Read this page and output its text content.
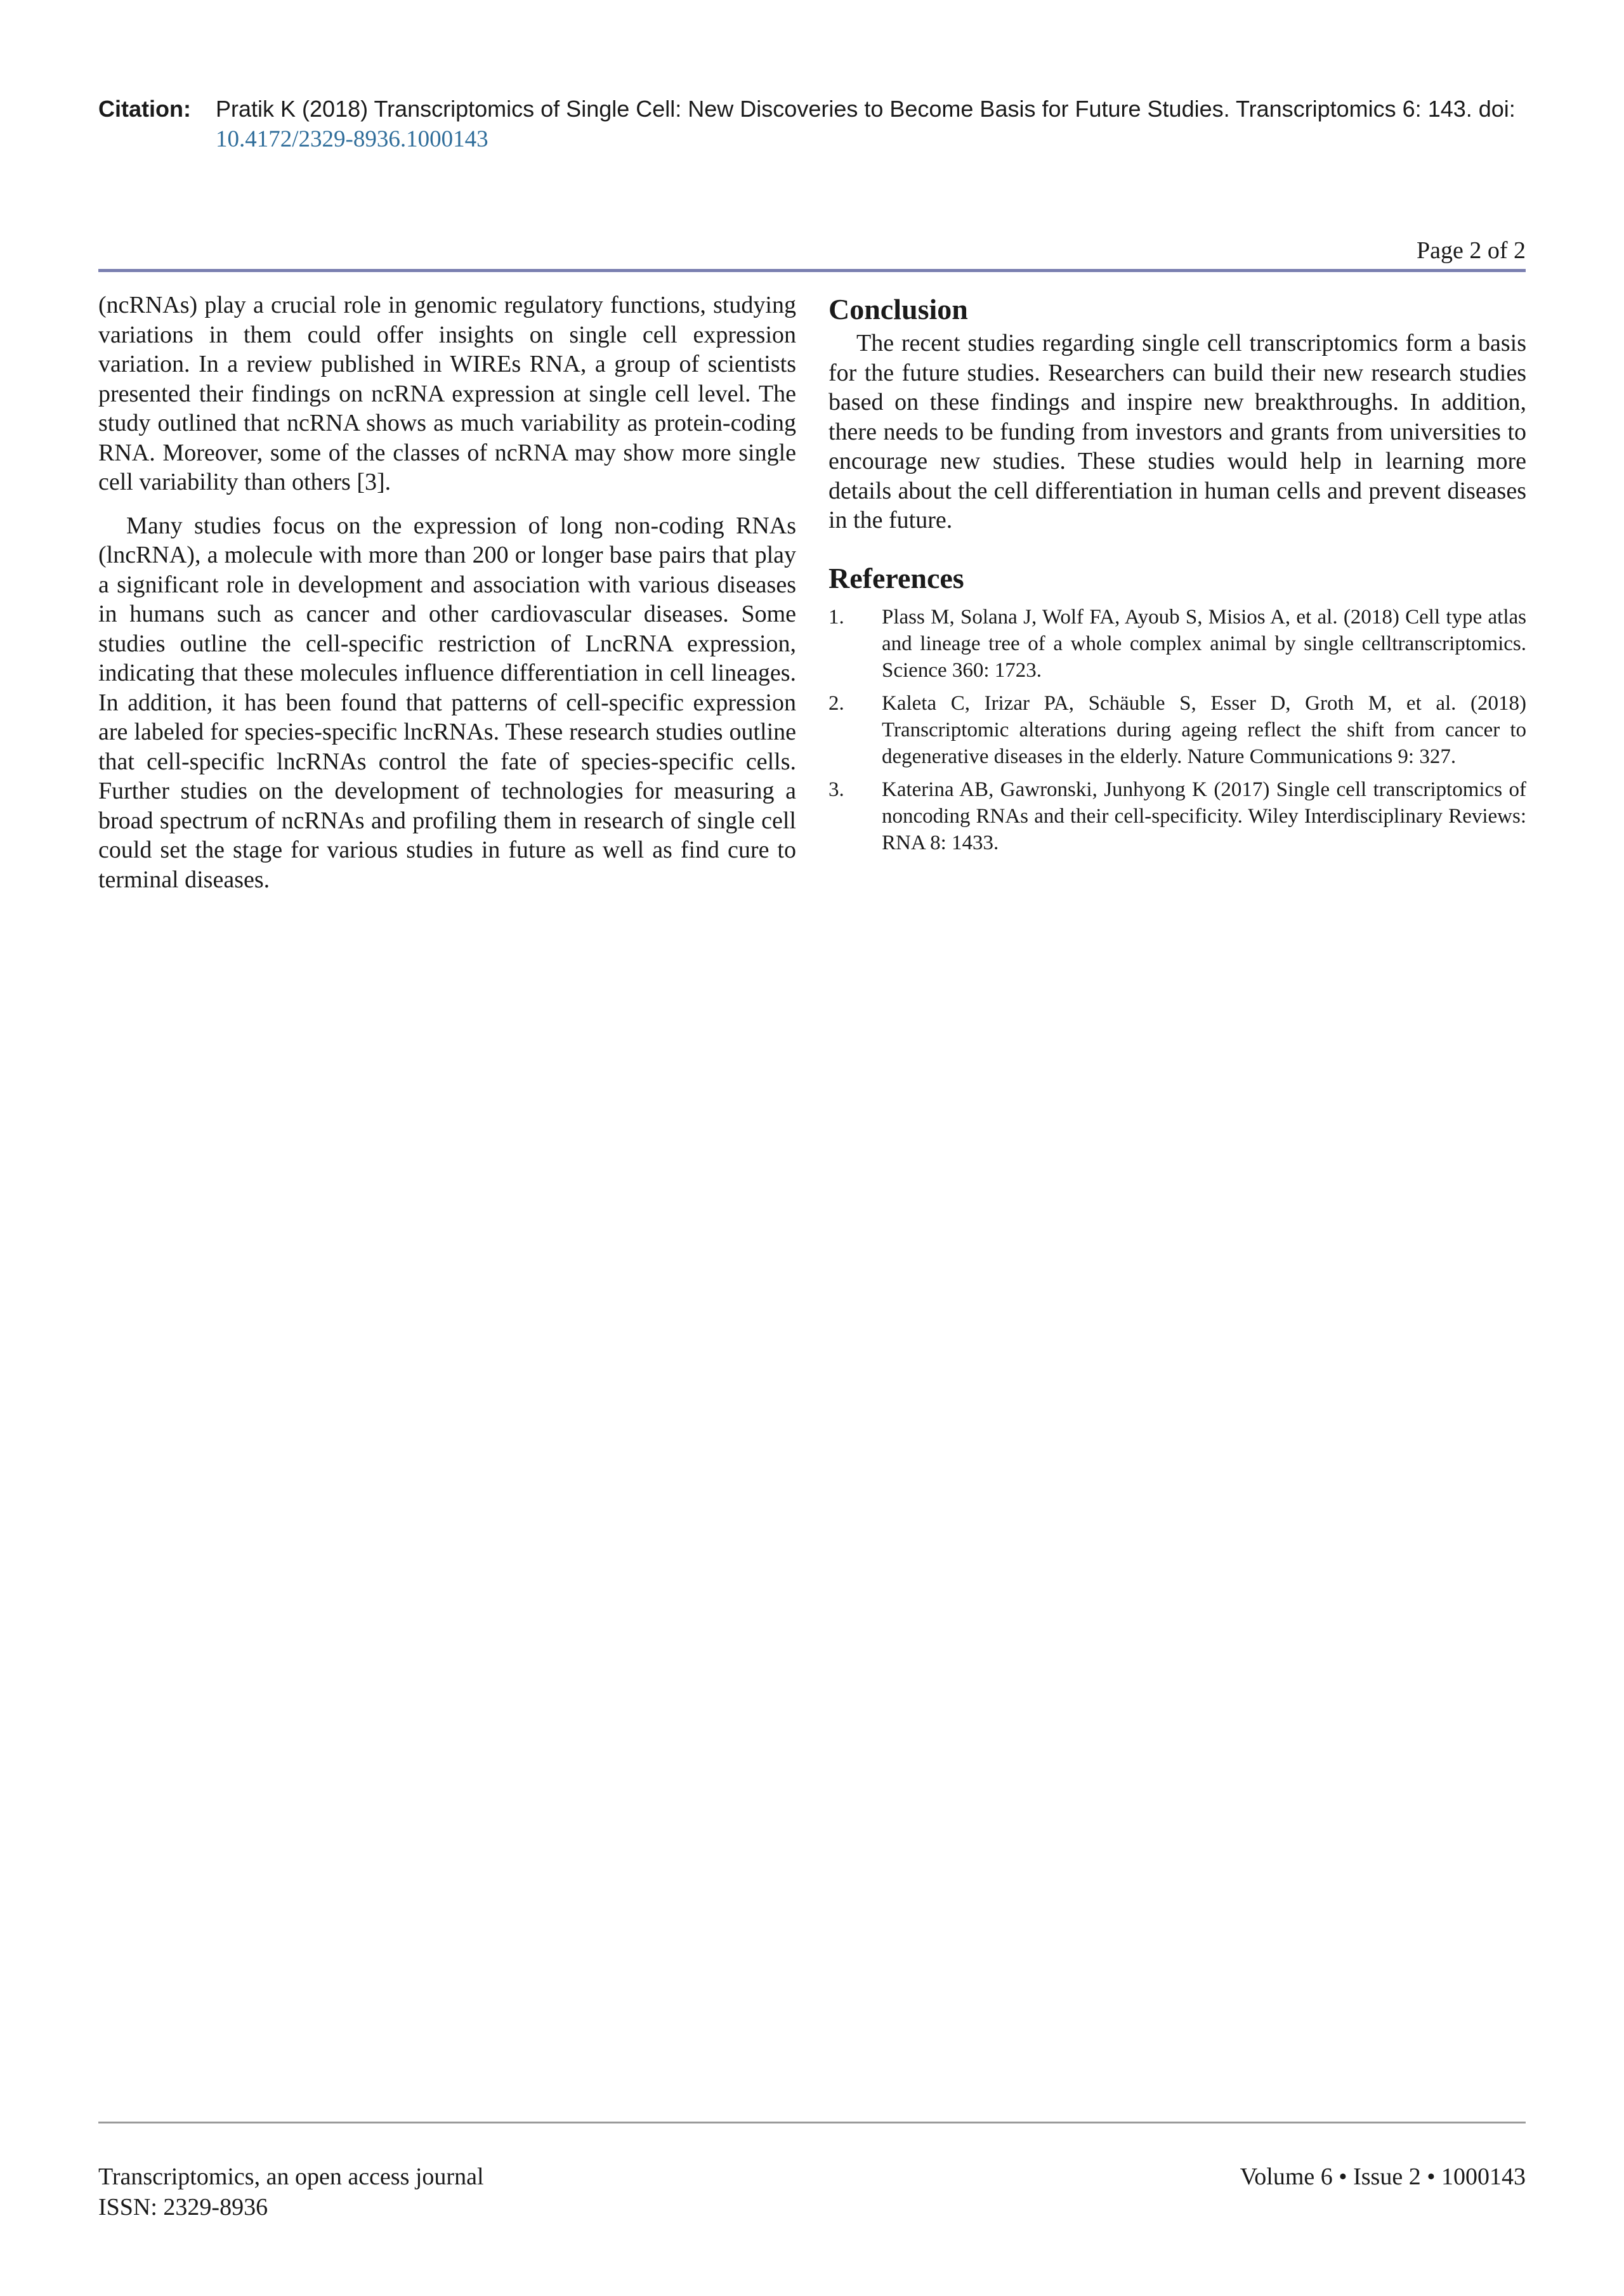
Citation: Pratik K (2018) Transcriptomics of Single Cell: New Discoveries to Become Basis for Future Studies. Transcriptomics 6: 143. doi:
10.4172/2329-8936.1000143
Page 2 of 2

(ncRNAs) play a crucial role in genomic regulatory functions, studying variations in them could offer insights on single cell expression variation. In a review published in WIREs RNA, a group of scientists presented their findings on ncRNA expression at single cell level. The study outlined that ncRNA shows as much variability as protein-coding RNA. Moreover, some of the classes of ncRNA may show more single cell variability than others [3].

Many studies focus on the expression of long non-coding RNAs (lncRNA), a molecule with more than 200 or longer base pairs that play a significant role in development and association with various diseases in humans such as cancer and other cardiovascular diseases. Some studies outline the cell-specific restriction of LncRNA expression, indicating that these molecules influence differentiation in cell lineages. In addition, it has been found that patterns of cell-specific expression are labeled for species-specific lncRNAs. These research studies outline that cell-specific lncRNAs control the fate of species-specific cells. Further studies on the development of technologies for measuring a broad spectrum of ncRNAs and profiling them in research of single cell could set the stage for various studies in future as well as find cure to terminal diseases.

Conclusion

The recent studies regarding single cell transcriptomics form a basis for the future studies. Researchers can build their new research studies based on these findings and inspire new breakthroughs. In addition, there needs to be funding from investors and grants from universities to encourage new studies. These studies would help in learning more details about the cell differentiation in human cells and prevent diseases in the future.

References
1. Plass M, Solana J, Wolf FA, Ayoub S, Misios A, et al. (2018) Cell type atlas and lineage tree of a whole complex animal by single celltranscriptomics. Science 360: 1723.
2. Kaleta C, Irizar PA, Schäuble S, Esser D, Groth M, et al. (2018) Transcriptomic alterations during ageing reflect the shift from cancer to degenerative diseases in the elderly. Nature Communications 9: 327.
3. Katerina AB, Gawronski, Junhyong K (2017) Single cell transcriptomics of noncoding RNAs and their cell-specificity. Wiley Interdisciplinary Reviews: RNA 8: 1433.
Transcriptomics, an open access journal
ISSN: 2329-8936
Volume 6 • Issue 2 • 1000143
